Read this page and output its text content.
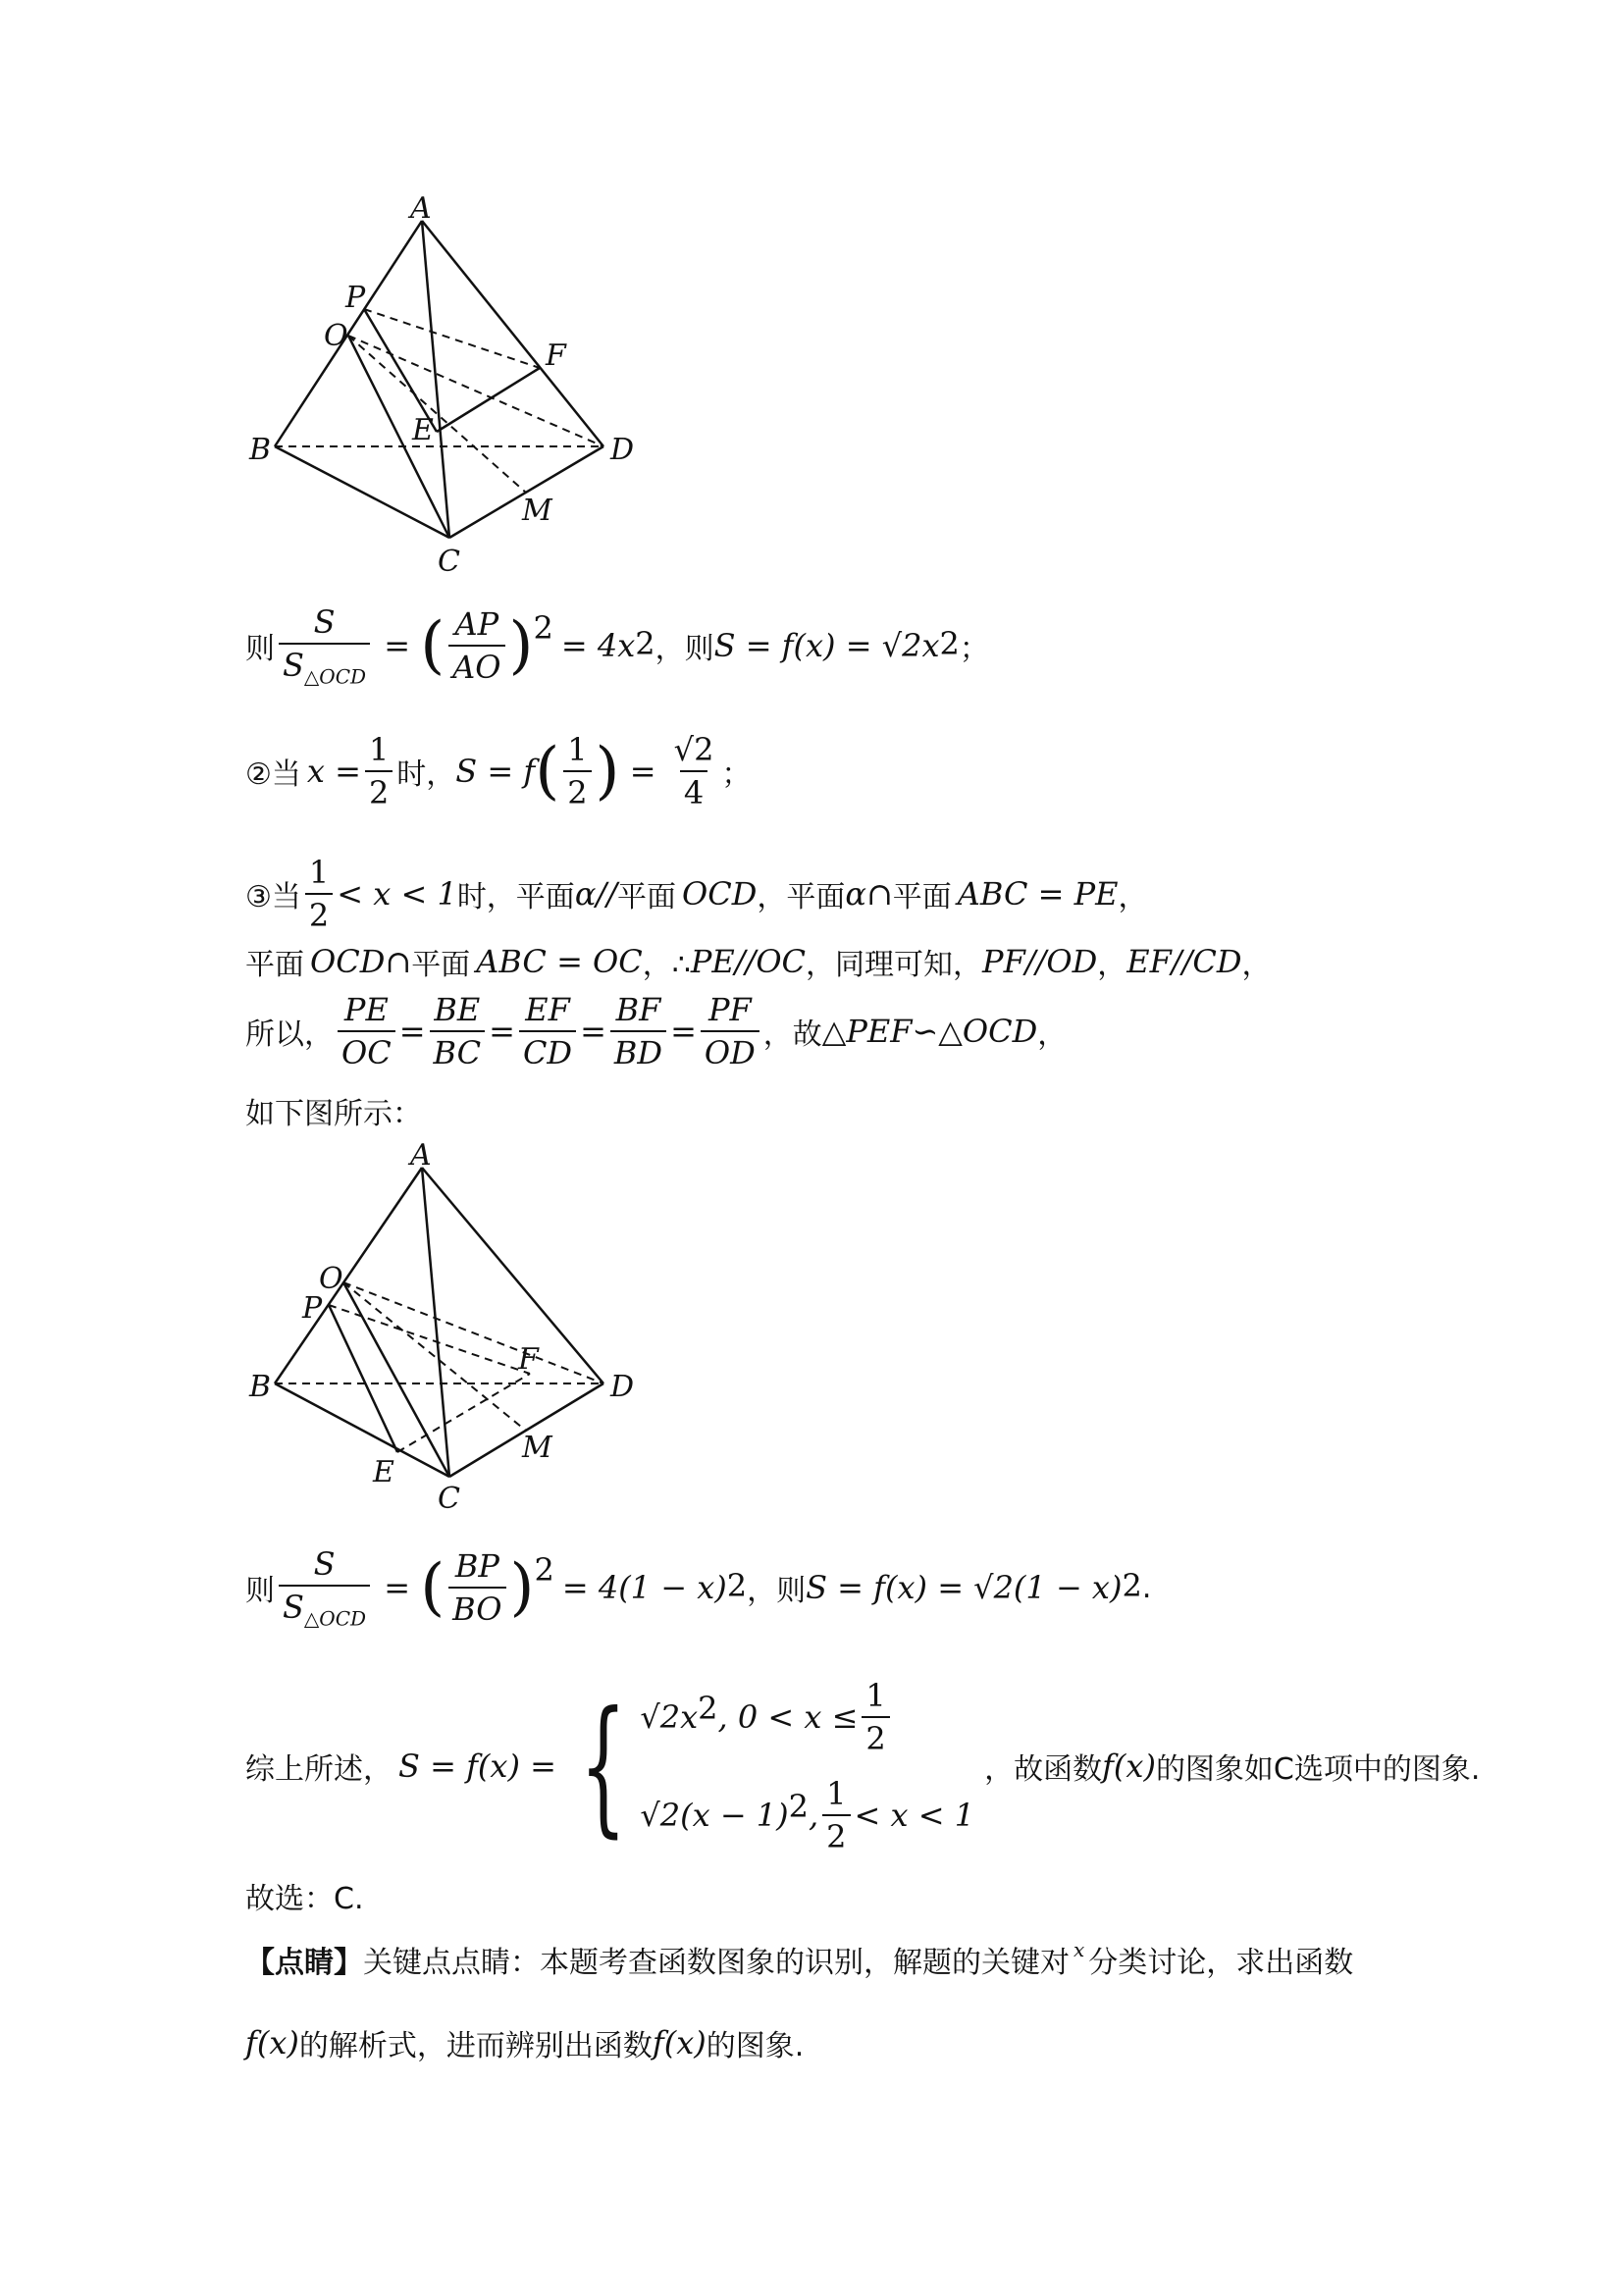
A
P
O
F
B
E
D
M
C
则 $\frac{S}{S_{\triangle OCD}}$ = ( $\frac{AP}{AO}$ ) 2 = 4x 2 ，则 S = f(x) = √2x 2 ；
②当 $x = \frac{1}{2}$ 时， S = f ( $\frac{1}{2}$ ) = $\frac{√2}{4}$ ；
③当 $\frac{1}{2} < x < 1$ 时，平面 α // 平面 OCD ，平面 α∩ 平面 ABC = PE ，
平面 OCD∩ 平面 ABC = OC ，∴ PE//OC ，同理可知， PF//OD ， EF//CD ，
所以， $\frac{PE}{OC} = \frac{BE}{BC} = \frac{EF}{CD} = \frac{BF}{BD} = \frac{PF}{OD}$ ，故 △PEF∽△OCD ，
如下图所示：
A
O
P
B
F
D
E
M
C
则 $\frac{S}{S_{\triangle OCD}}$ = ( $\frac{BP}{BO}$ ) 2 = 4(1 − x) 2 ，则 S = f(x) = √2(1 − x) 2 .
综上所述， S = f(x) = { √2x 2 , $0 < x \le \frac{1}{2}$
√2(x − 1) 2 , $\frac{1}{2} < x < 1$
，故函数 f(x) 的图象如C选项中的图象.
故选：C.
【点睛】 关键点点睛：本题考查函数图象的识别，解题的关键对 x 分类讨论，求出函数
f(x) 的解析式，进而辨别出函数 f(x) 的图象.
